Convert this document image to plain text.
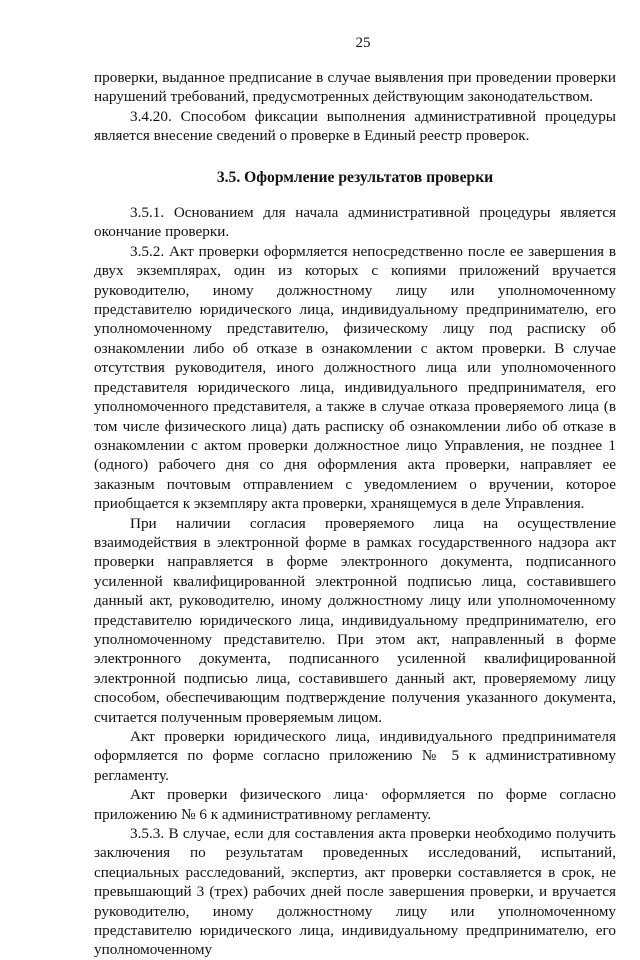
25

проверки, выданное предписание в случае выявления при проведении проверки нарушений требований, предусмотренных действующим законодательством.

3.4.20. Способом фиксации выполнения административной процедуры является внесение сведений о проверке в Единый реестр проверок.

3.5. Оформление результатов проверки

3.5.1. Основанием для начала административной процедуры является окончание проверки.

3.5.2. Акт проверки оформляется непосредственно после ее завершения в двух экземплярах, один из которых с копиями приложений вручается руководителю, иному должностному лицу или уполномоченному представителю юридического лица, индивидуальному предпринимателю, его уполномоченному представителю, физическому лицу под расписку об ознакомлении либо об отказе в ознакомлении с актом проверки. В случае отсутствия руководителя, иного должностного лица или уполномоченного представителя юридического лица, индивидуального предпринимателя, его уполномоченного представителя, а также в случае отказа проверяемого лица (в том числе физического лица) дать расписку об ознакомлении либо об отказе в ознакомлении с актом проверки должностное лицо Управления, не позднее 1 (одного) рабочего дня со дня оформления акта проверки, направляет ее заказным почтовым отправлением с уведомлением о вручении, которое приобщается к экземпляру акта проверки, хранящемуся в деле Управления.

При наличии согласия проверяемого лица на осуществление взаимодействия в электронной форме в рамках государственного надзора акт проверки направляется в форме электронного документа, подписанного усиленной квалифицированной электронной подписью лица, составившего данный акт, руководителю, иному должностному лицу или уполномоченному представителю юридического лица, индивидуальному предпринимателю, его уполномоченному представителю. При этом акт, направленный в форме электронного документа, подписанного усиленной квалифицированной электронной подписью лица, составившего данный акт, проверяемому лицу способом, обеспечивающим подтверждение получения указанного документа, считается полученным проверяемым лицом.

Акт проверки юридического лица, индивидуального предпринимателя оформляется по форме согласно приложению № 5 к административному регламенту.

Акт проверки физического лица· оформляется по форме согласно приложению № 6 к административному регламенту.

3.5.3. В случае, если для составления акта проверки необходимо получить заключения по результатам проведенных исследований, испытаний, специальных расследований, экспертиз, акт проверки составляется в срок, не превышающий 3 (трех) рабочих дней после завершения проверки, и вручается руководителю, иному должностному лицу или уполномоченному представителю юридического лица, индивидуальному предпринимателю, его уполномоченному
